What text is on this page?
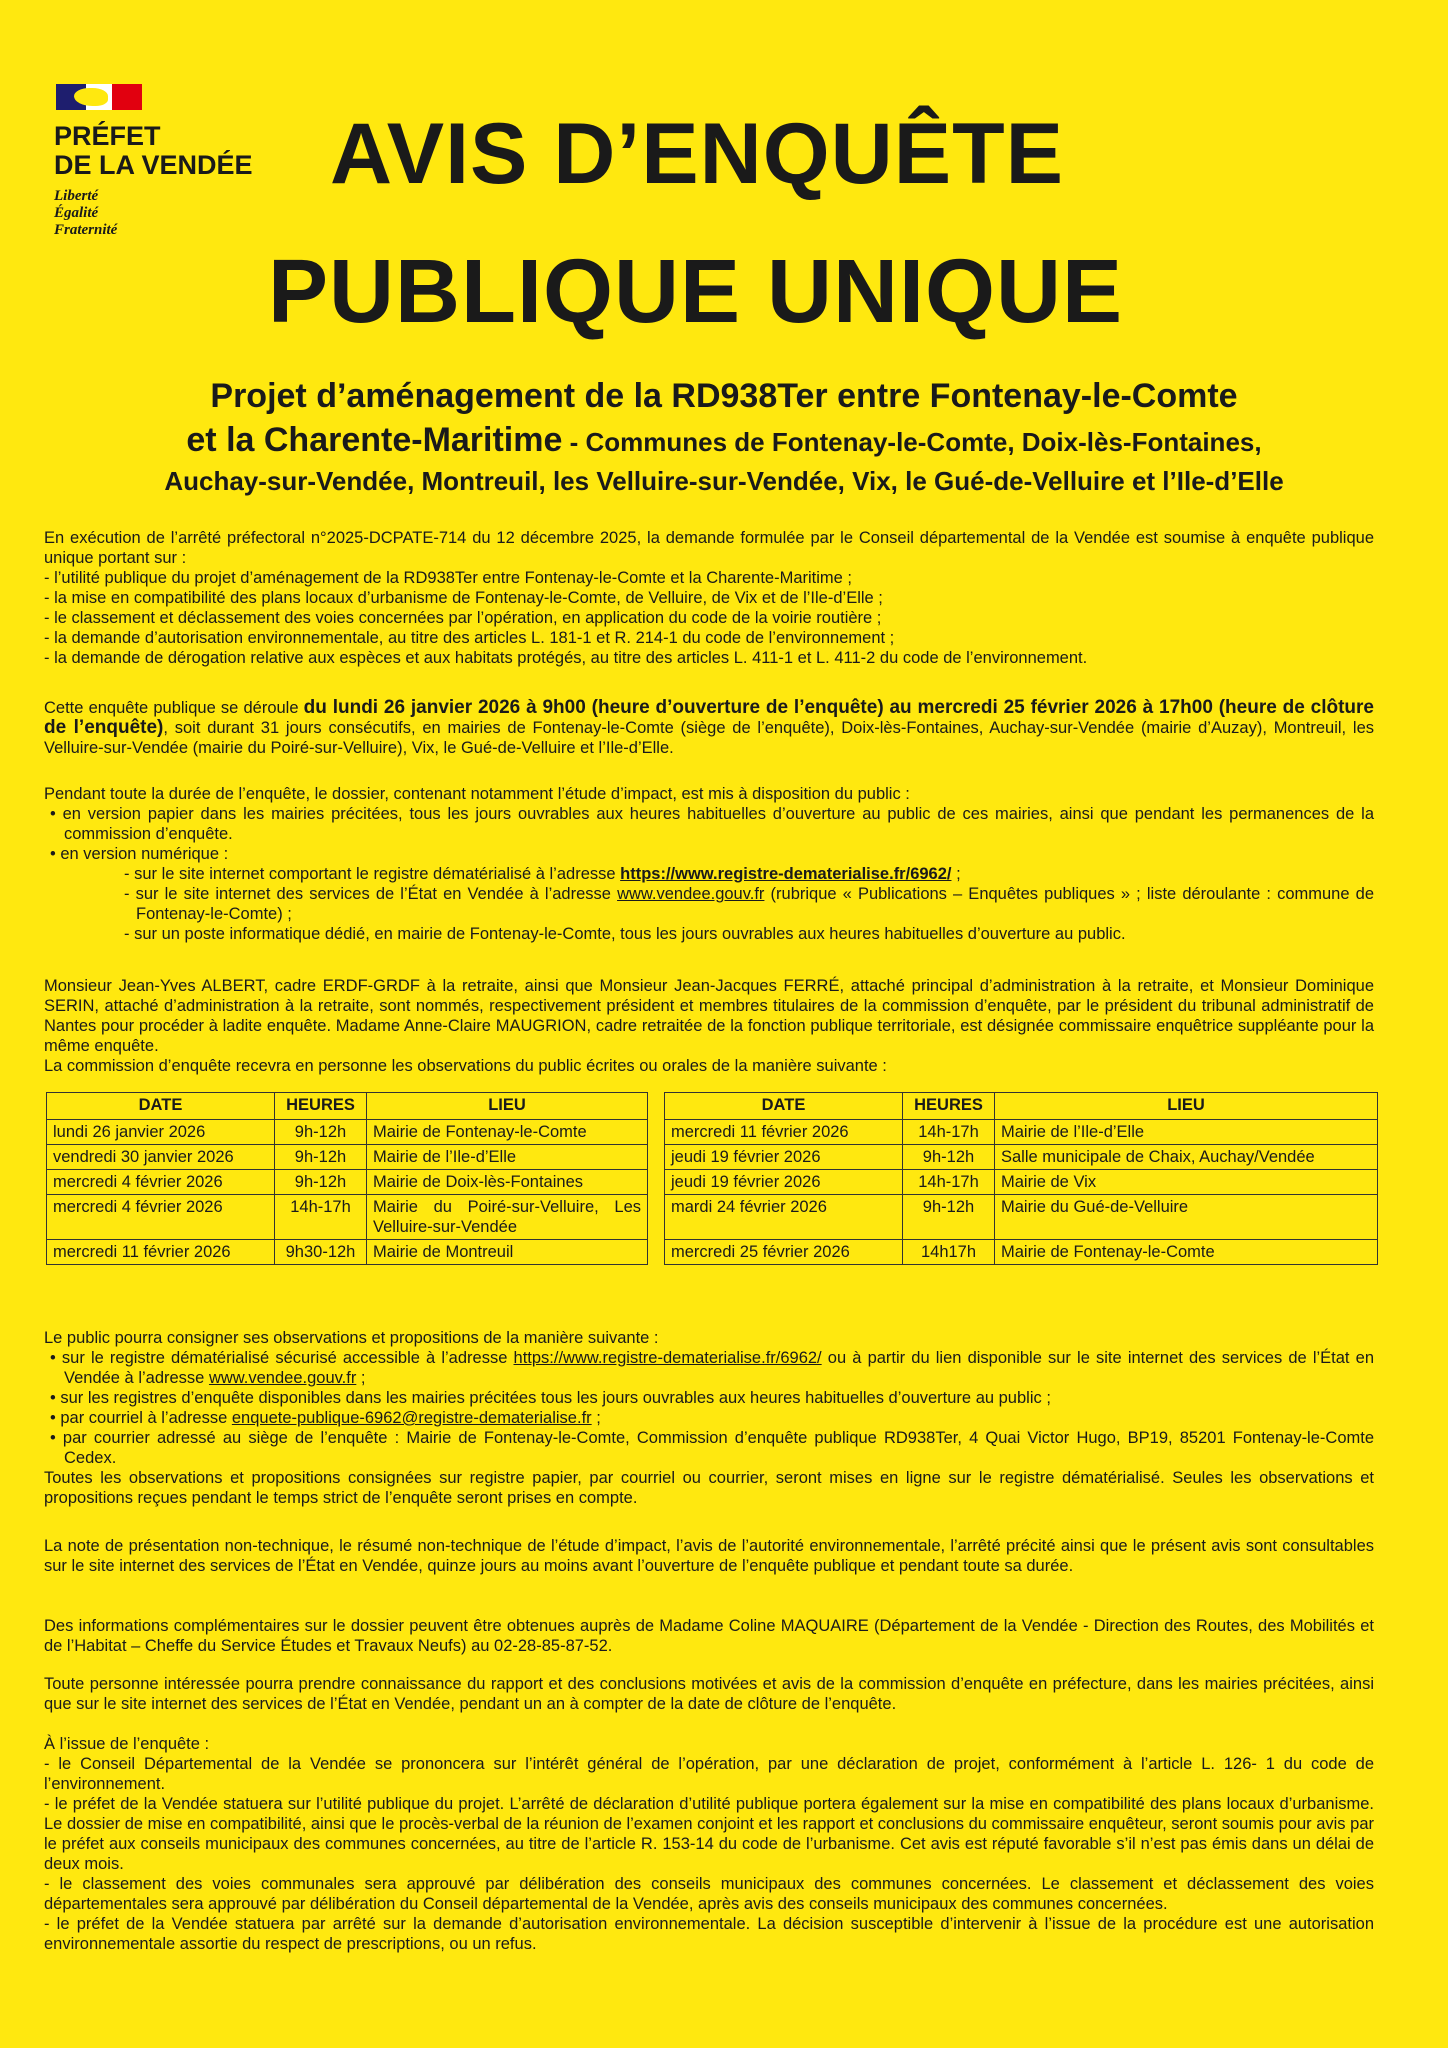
PRÉFET
DE LA VENDÉE
Liberté
Égalité
Fraternité
AVIS D’ENQUÊTE
PUBLIQUE UNIQUE
Projet d’aménagement de la RD938Ter entre Fontenay-le-Comte
et la Charente-Maritime - Communes de Fontenay-le-Comte, Doix-lès-Fontaines,
Auchay-sur-Vendée, Montreuil, les Velluire-sur-Vendée, Vix, le Gué-de-Velluire et l’Ile-d’Elle
En exécution de l’arrêté préfectoral n°2025-DCPATE-714 du 12 décembre 2025, la demande formulée par le Conseil départemental de la Vendée est soumise à enquête publique unique portant sur :
- l’utilité publique du projet d’aménagement de la RD938Ter entre Fontenay-le-Comte et la Charente-Maritime ;
- la mise en compatibilité des plans locaux d’urbanisme de Fontenay-le-Comte, de Velluire, de Vix et de l’Ile-d’Elle ;
- le classement et déclassement des voies concernées par l’opération, en application du code de la voirie routière ;
- la demande d’autorisation environnementale, au titre des articles L. 181-1 et R. 214-1 du code de l’environnement ;
- la demande de dérogation relative aux espèces et aux habitats protégés, au titre des articles L. 411-1 et L. 411-2 du code de l’environnement.
Cette enquête publique se déroule du lundi 26 janvier 2026 à 9h00 (heure d’ouverture de l’enquête) au mercredi 25 février 2026 à 17h00 (heure de clôture de l’enquête), soit durant 31 jours consécutifs, en mairies de Fontenay-le-Comte (siège de l’enquête), Doix-lès-Fontaines, Auchay-sur-Vendée (mairie d’Auzay), Montreuil, les Velluire-sur-Vendée (mairie du Poiré-sur-Velluire), Vix, le Gué-de-Velluire et l’Ile-d’Elle.
Pendant toute la durée de l’enquête, le dossier, contenant notamment l’étude d’impact, est mis à disposition du public :
• en version papier dans les mairies précitées, tous les jours ouvrables aux heures habituelles d’ouverture au public de ces mairies, ainsi que pendant les permanences de la commission d’enquête.
• en version numérique :
- sur le site internet comportant le registre dématérialisé à l’adresse https://www.registre-dematerialise.fr/6962/ ;
- sur le site internet des services de l’État en Vendée à l’adresse www.vendee.gouv.fr (rubrique « Publications – Enquêtes publiques » ; liste déroulante : commune de Fontenay-le-Comte) ;
- sur un poste informatique dédié, en mairie de Fontenay-le-Comte, tous les jours ouvrables aux heures habituelles d’ouverture au public.
Monsieur Jean-Yves ALBERT, cadre ERDF-GRDF à la retraite, ainsi que Monsieur Jean-Jacques FERRÉ, attaché principal d’administration à la retraite, et Monsieur Dominique SERIN, attaché d’administration à la retraite, sont nommés, respectivement président et membres titulaires de la commission d’enquête, par le président du tribunal administratif de Nantes pour procéder à ladite enquête. Madame Anne-Claire MAUGRION, cadre retraitée de la fonction publique territoriale, est désignée commissaire enquêtrice suppléante pour la même enquête.
La commission d’enquête recevra en personne les observations du public écrites ou orales de la manière suivante :
DATE	HEURES	LIEU
lundi 26 janvier 2026	9h-12h	Mairie de Fontenay-le-Comte
vendredi 30 janvier 2026	9h-12h	Mairie de l’Ile-d’Elle
mercredi 4 février 2026	9h-12h	Mairie de Doix-lès-Fontaines
mercredi 4 février 2026	14h-17h	Mairie du Poiré-sur-Velluire, Les Velluire-sur-Vendée
mercredi 11 février 2026	9h30-12h	Mairie de Montreuil
DATE	HEURES	LIEU
mercredi 11 février 2026	14h-17h	Mairie de l’Ile-d’Elle
jeudi 19 février 2026	9h-12h	Salle municipale de Chaix, Auchay/Vendée
jeudi 19 février 2026	14h-17h	Mairie de Vix
mardi 24 février 2026	9h-12h	Mairie du Gué-de-Velluire
mercredi 25 février 2026	14h17h	Mairie de Fontenay-le-Comte
Le public pourra consigner ses observations et propositions de la manière suivante :
• sur le registre dématérialisé sécurisé accessible à l’adresse https://www.registre-dematerialise.fr/6962/ ou à partir du lien disponible sur le site internet des services de l’État en Vendée à l’adresse www.vendee.gouv.fr ;
• sur les registres d’enquête disponibles dans les mairies précitées tous les jours ouvrables aux heures habituelles d’ouverture au public ;
• par courriel à l’adresse enquete-publique-6962@registre-dematerialise.fr ;
• par courrier adressé au siège de l’enquête : Mairie de Fontenay-le-Comte, Commission d’enquête publique RD938Ter, 4 Quai Victor Hugo, BP19, 85201 Fontenay-le-Comte Cedex.
Toutes les observations et propositions consignées sur registre papier, par courriel ou courrier, seront mises en ligne sur le registre dématérialisé. Seules les observations et propositions reçues pendant le temps strict de l’enquête seront prises en compte.
La note de présentation non-technique, le résumé non-technique de l’étude d’impact, l’avis de l’autorité environnementale, l’arrêté précité ainsi que le présent avis sont consultables sur le site internet des services de l’État en Vendée, quinze jours au moins avant l’ouverture de l’enquête publique et pendant toute sa durée.
Des informations complémentaires sur le dossier peuvent être obtenues auprès de Madame Coline MAQUAIRE (Département de la Vendée - Direction des Routes, des Mobilités et de l’Habitat – Cheffe du Service Études et Travaux Neufs) au 02-28-85-87-52.
Toute personne intéressée pourra prendre connaissance du rapport et des conclusions motivées et avis de la commission d’enquête en préfecture, dans les mairies précitées, ainsi que sur le site internet des services de l’État en Vendée, pendant un an à compter de la date de clôture de l’enquête.
À l’issue de l’enquête :
- le Conseil Départemental de la Vendée se prononcera sur l’intérêt général de l’opération, par une déclaration de projet, conformément à l’article L. 126- 1 du code de l’environnement.
- le préfet de la Vendée statuera sur l’utilité publique du projet. L’arrêté de déclaration d’utilité publique portera également sur la mise en compatibilité des plans locaux d’urbanisme. Le dossier de mise en compatibilité, ainsi que le procès-verbal de la réunion de l’examen conjoint et les rapport et conclusions du commissaire enquêteur, seront soumis pour avis par le préfet aux conseils municipaux des communes concernées, au titre de l’article R. 153-14 du code de l’urbanisme. Cet avis est réputé favorable s’il n’est pas émis dans un délai de deux mois.
- le classement des voies communales sera approuvé par délibération des conseils municipaux des communes concernées. Le classement et déclassement des voies départementales sera approuvé par délibération du Conseil départemental de la Vendée, après avis des conseils municipaux des communes concernées.
- le préfet de la Vendée statuera par arrêté sur la demande d’autorisation environnementale. La décision susceptible d’intervenir à l’issue de la procédure est une autorisation environnementale assortie du respect de prescriptions, ou un refus.
